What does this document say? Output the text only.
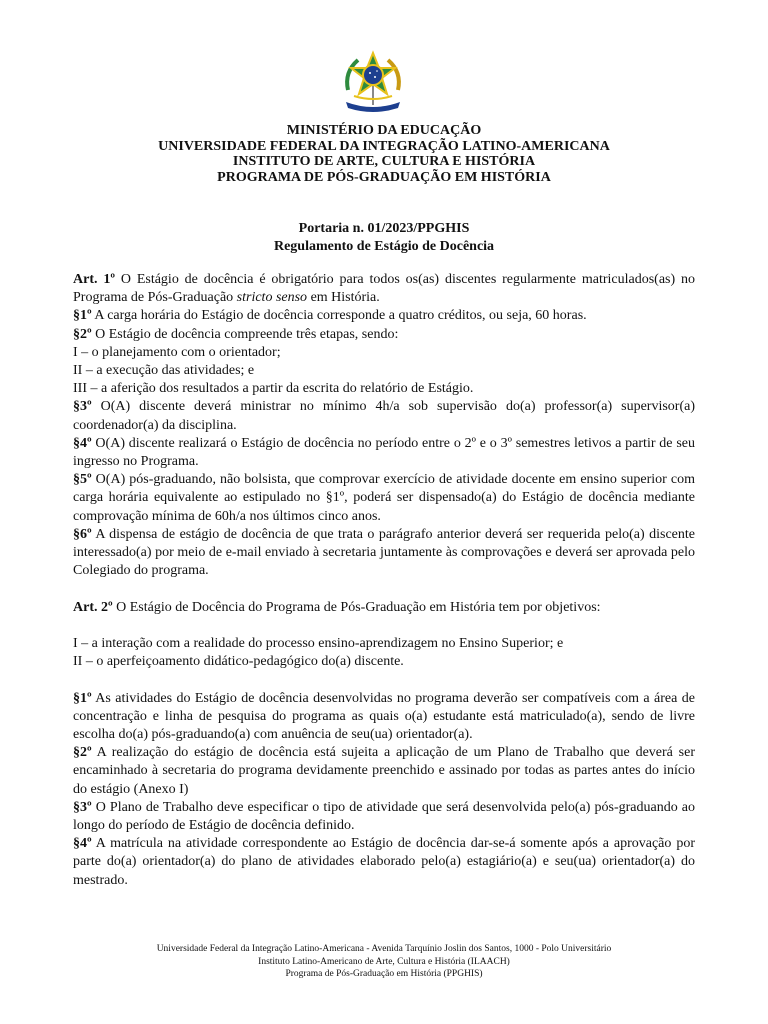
MINISTÉRIO DA EDUCAÇÃO
UNIVERSIDADE FEDERAL DA INTEGRAÇÃO LATINO-AMERICANA
INSTITUTO DE ARTE, CULTURA E HISTÓRIA
PROGRAMA DE PÓS-GRADUAÇÃO EM HISTÓRIA
Portaria n. 01/2023/PPGHIS
Regulamento de Estágio de Docência

Art. 1º O Estágio de docência é obrigatório para todos os(as) discentes regularmente matriculados(as) no Programa de Pós-Graduação stricto senso em História.

§1º A carga horária do Estágio de docência corresponde a quatro créditos, ou seja, 60 horas.

§2º O Estágio de docência compreende três etapas, sendo:

I – o planejamento com o orientador;

II – a execução das atividades; e

III – a aferição dos resultados a partir da escrita do relatório de Estágio.

§3º O(A) discente deverá ministrar no mínimo 4h/a sob supervisão do(a) professor(a) supervisor(a) coordenador(a) da disciplina.

§4º O(A) discente realizará o Estágio de docência no período entre o 2º e o 3º semestres letivos a partir de seu ingresso no Programa.

§5º O(A) pós-graduando, não bolsista, que comprovar exercício de atividade docente em ensino superior com carga horária equivalente ao estipulado no §1º, poderá ser dispensado(a) do Estágio de docência mediante comprovação mínima de 60h/a nos últimos cinco anos.

§6º A dispensa de estágio de docência de que trata o parágrafo anterior deverá ser requerida pelo(a) discente interessado(a) por meio de e-mail enviado à secretaria juntamente às comprovações e deverá ser aprovada pelo Colegiado do programa.

Art. 2º O Estágio de Docência do Programa de Pós-Graduação em História tem por objetivos:

I – a interação com a realidade do processo ensino-aprendizagem no Ensino Superior; e

II – o aperfeiçoamento didático-pedagógico do(a) discente.

§1º As atividades do Estágio de docência desenvolvidas no programa deverão ser compatíveis com a área de concentração e linha de pesquisa do programa as quais o(a) estudante está matriculado(a), sendo de livre escolha do(a) pós-graduando(a) com anuência de seu(ua) orientador(a).

§2º A realização do estágio de docência está sujeita a aplicação de um Plano de Trabalho que deverá ser encaminhado à secretaria do programa devidamente preenchido e assinado por todas as partes antes do início do estágio (Anexo I)

§3º O Plano de Trabalho deve especificar o tipo de atividade que será desenvolvida pelo(a) pós-graduando ao longo do período de Estágio de docência definido.

§4º A matrícula na atividade correspondente ao Estágio de docência dar-se-á somente após a aprovação por parte do(a) orientador(a) do plano de atividades elaborado pelo(a) estagiário(a) e seu(ua) orientador(a) do mestrado.

Universidade Federal da Integração Latino-Americana - Avenida Tarquínio Joslin dos Santos, 1000 - Polo Universitário
Instituto Latino-Americano de Arte, Cultura e História (ILAACH)
Programa de Pós-Graduação em História (PPGHIS)
